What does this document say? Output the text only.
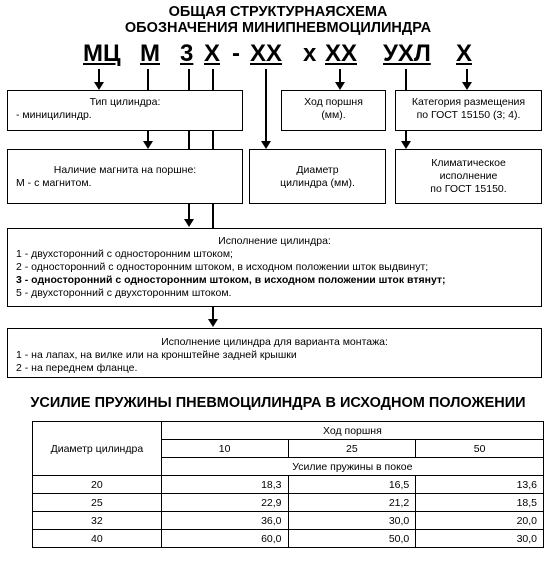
ОБЩАЯ СТРУКТУРНАЯСХЕМА
ОБОЗНАЧЕНИЯ МИНИПНЕВМОЦИЛИНДРА
МЦ М 3 Х - ХХ х ХХ УХЛ Х
Тип цилиндра:
- миницилиндр.
Ход поршня
(мм).
Категория размещения
по ГОСТ 15150 (3; 4).
Наличие магнита на поршне:
М - с магнитом.
Диаметр
цилиндра (мм).
Климатическое
исполнение
по ГОСТ 15150.
Исполнение цилиндра:
1 - двухсторонний с односторонним штоком;
2 - односторонний с односторонним штоком, в исходном положении шток выдвинут;
3 - односторонний с односторонним штоком, в исходном положении шток втянут;
5 - двухсторонний с двухсторонним штоком.
Исполнение цилиндра для варианта монтажа:
1 - на лапах, на вилке или на кронштейне задней крышки
2 - на переднем фланце.
УСИЛИЕ ПРУЖИНЫ ПНЕВМОЦИЛИНДРА В ИСХОДНОМ ПОЛОЖЕНИИ
Диаметр цилиндра	Ход поршня		
	10	25	50
	Усилие пружины в покое		
20	18,3	16,5	13,6
25	22,9	21,2	18,5
32	36,0	30,0	20,0
40	60,0	50,0	30,0
